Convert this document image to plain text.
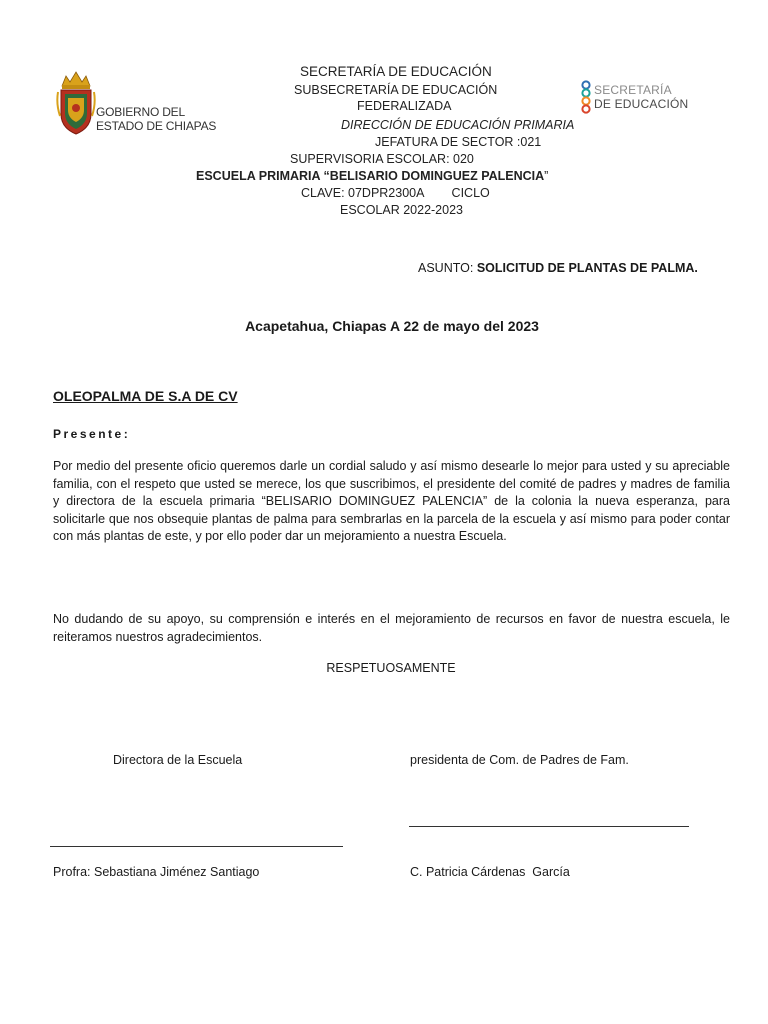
GOBIERNO DEL
ESTADO DE CHIAPAS
SECRETARÍA
DE EDUCACIÓN
SECRETARÍA DE EDUCACIÓN
SUBSECRETARÍA DE EDUCACIÓN
FEDERALIZADA
DIRECCIÓN DE EDUCACIÓN PRIMARIA
JEFATURA DE SECTOR :021
SUPERVISORIA ESCOLAR: 020
ESCUELA PRIMARIA “BELISARIO DOMINGUEZ PALENCIA”
CLAVE: 07DPR2300A        CICLO
ESCOLAR 2022-2023
ASUNTO: SOLICITUD DE PLANTAS DE PALMA.
Acapetahua, Chiapas A 22 de mayo del 2023
OLEOPALMA DE S.A DE CV
Presente:
Por medio del presente oficio queremos darle un cordial saludo y así mismo desearle lo mejor para usted y su apreciable familia, con el respeto que usted se merece, los que suscribimos, el presidente del comité de padres y madres de familia y directora de la escuela primaria “BELISARIO DOMINGUEZ PALENCIA” de la colonia la nueva esperanza, para solicitarle que nos obsequie plantas de palma para sembrarlas en la parcela de la escuela y así mismo para poder contar con más plantas de este, y por ello poder dar un mejoramiento a nuestra Escuela.
No dudando de su apoyo, su comprensión e interés en el mejoramiento de recursos en favor de nuestra escuela, le reiteramos nuestros agradecimientos.
RESPETUOSAMENTE
Directora de la Escuela	presidenta de Com. de Padres de Fam.
Profra: Sebastiana Jiménez Santiago	C. Patricia Cárdenas  García
